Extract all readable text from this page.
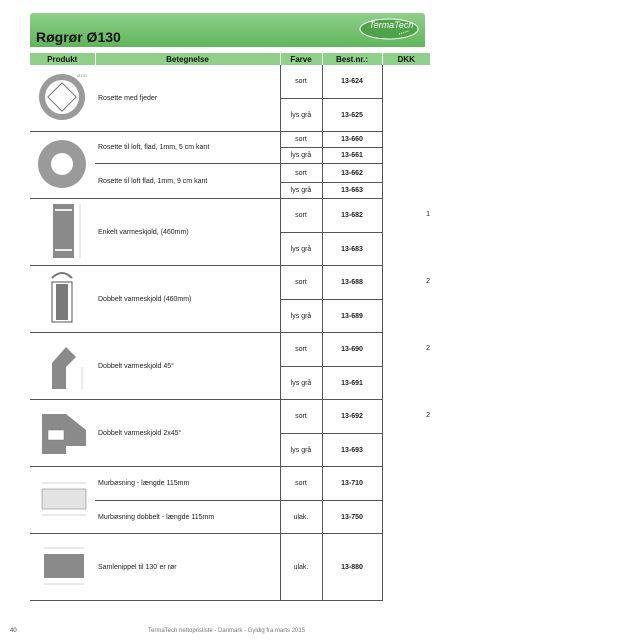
Røgrør Ø130
TermaTech
Produkt	Betegnelse	Farve	Best.nr.:	DKK

Ø130	Rosette med fjeder	sort	13-624	
		lys grå	13-625	
	Rosette til loft, flad, 1mm, 5 cm kant	sort	13-660	
		lys grå	13-661	
	Rosette til loft flad, 1mm, 9 cm kant	sort	13-662	
		lys grå	13-663	
	Enkelt varmeskjold, (460mm)	sort	13-682	1
		lys grå	13-683	
	Dobbelt varmeskjold (460mm)	sort	13-688	2
		lys grå	13-689	
	Dobbelt varmeskjold 45°	sort	13-690	2
		lys grå	13-691	
	Dobbelt varmeskjold 2x45°	sort	13-692	2
		lys grå	13-693	
	Murbøsning - længde 115mm	sort	13-710	
	Murbøsning dobbelt - længde 115mm	ulak.	13-750	
	Samlenippel til 130´er rør	ulak.	13-880	
40	TermaTech nettoprisliste - Danmark - Gyldig fra marts 2015
